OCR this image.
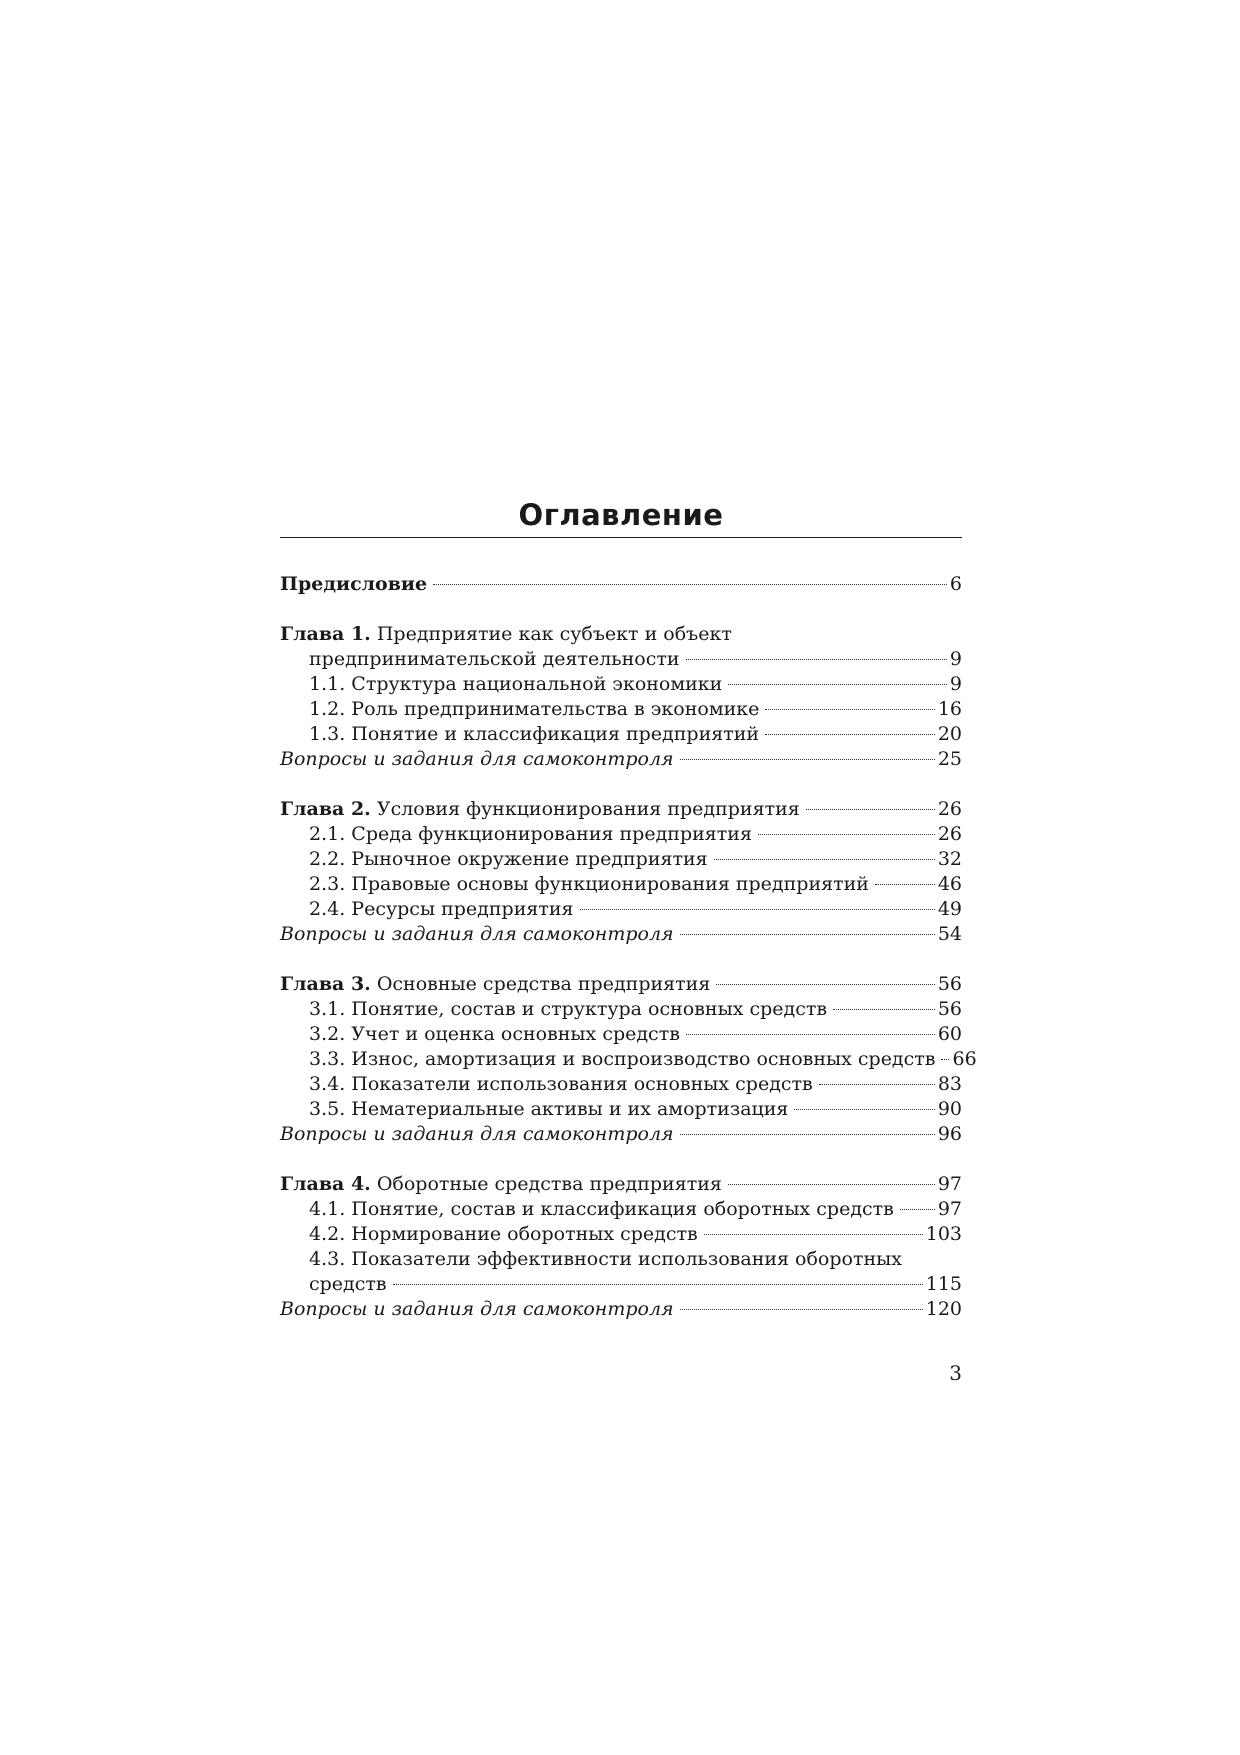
Оглавление
Предисловие	6
Глава 1. Предприятие как субъект и объект
предпринимательской деятельности	9
1.1. Структура национальной экономики	9
1.2. Роль предпринимательства в экономике	16
1.3. Понятие и классификация предприятий	20
Вопросы и задания для самоконтроля	25
Глава 2. Условия функционирования предприятия	26
2.1. Среда функционирования предприятия	26
2.2. Рыночное окружение предприятия	32
2.3. Правовые основы функционирования предприятий	46
2.4. Ресурсы предприятия	49
Вопросы и задания для самоконтроля	54
Глава 3. Основные средства предприятия	56
3.1. Понятие, состав и структура основных средств	56
3.2. Учет и оценка основных средств	60
3.3. Износ, амортизация и воспроизводство основных средств 66
3.4. Показатели использования основных средств	83
3.5. Нематериальные активы и их амортизация	90
Вопросы и задания для самоконтроля	96
Глава 4. Оборотные средства предприятия	97
4.1. Понятие, состав и классификация оборотных средств 97
4.2. Нормирование оборотных средств	103
4.3. Показатели эффективности использования оборотных
средств	115
Вопросы и задания для самоконтроля	120
3
